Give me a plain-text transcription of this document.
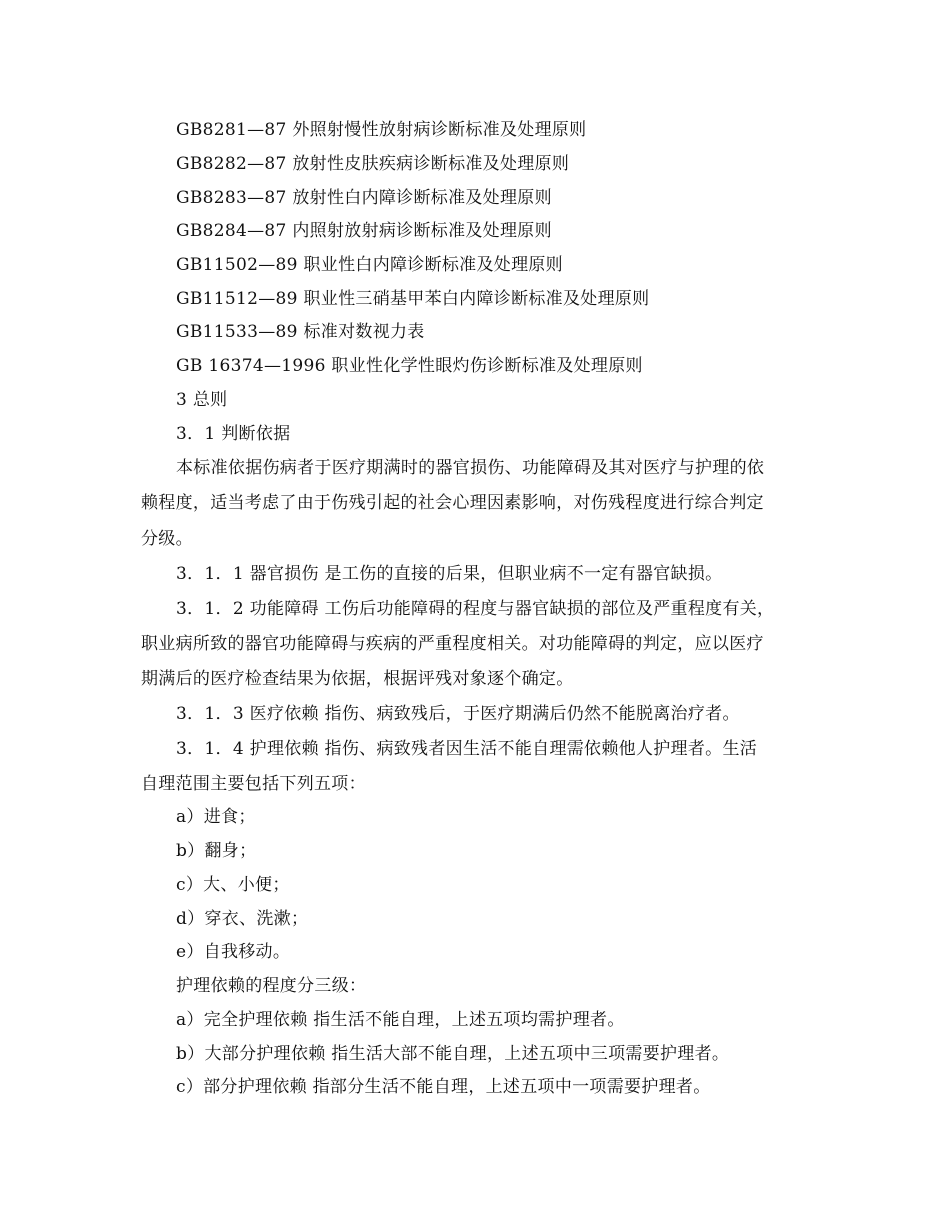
GB8281—87 外照射慢性放射病诊断标准及处理原则
GB8282—87 放射性皮肤疾病诊断标准及处理原则
GB8283—87 放射性白内障诊断标准及处理原则
GB8284—87 内照射放射病诊断标准及处理原则
GB11502—89 职业性白内障诊断标准及处理原则
GB11512—89 职业性三硝基甲苯白内障诊断标准及处理原则
GB11533—89 标准对数视力表
GB 16374—1996 职业性化学性眼灼伤诊断标准及处理原则
3 总则
3．1 判断依据
本标准依据伤病者于医疗期满时的器官损伤、功能障碍及其对医疗与护理的依
赖程度，适当考虑了由于伤残引起的社会心理因素影响，对伤残程度进行综合判定
分级。
3．1．1 器官损伤 是工伤的直接的后果，但职业病不一定有器官缺损。
3．1．2 功能障碍 工伤后功能障碍的程度与器官缺损的部位及严重程度有关，
职业病所致的器官功能障碍与疾病的严重程度相关。对功能障碍的判定，应以医疗
期满后的医疗检查结果为依据，根据评残对象逐个确定。
3．1．3 医疗依赖 指伤、病致残后，于医疗期满后仍然不能脱离治疗者。
3．1．4 护理依赖 指伤、病致残者因生活不能自理需依赖他人护理者。生活
自理范围主要包括下列五项：
a）进食；
b）翻身；
c）大、小便；
d）穿衣、洗漱；
e）自我移动。
护理依赖的程度分三级：
a）完全护理依赖 指生活不能自理，上述五项均需护理者。
b）大部分护理依赖 指生活大部不能自理，上述五项中三项需要护理者。
c）部分护理依赖 指部分生活不能自理，上述五项中一项需要护理者。
